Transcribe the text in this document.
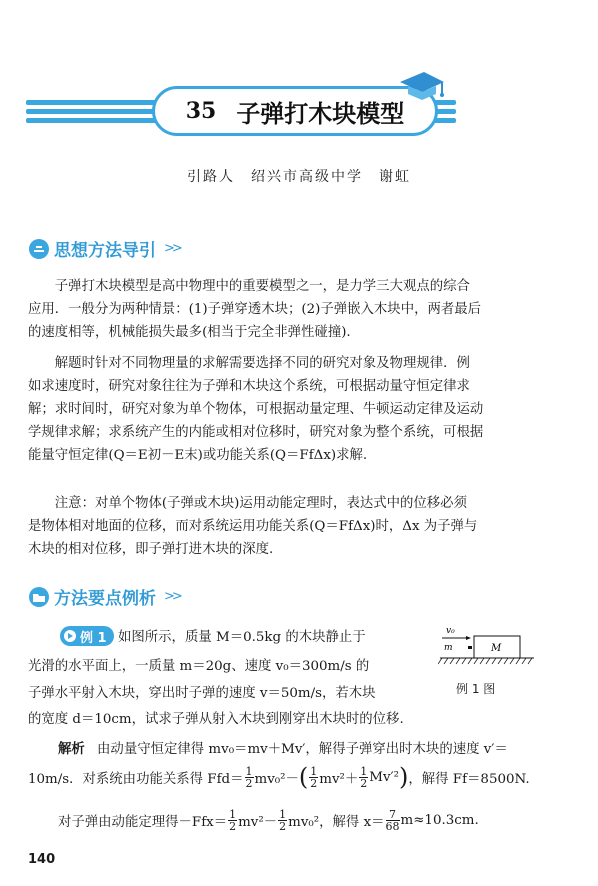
35 子弹打木块模型
引路人　绍兴市高级中学　谢虹
思想方法导引 >>
子弹打木块模型是高中物理中的重要模型之一，是力学三大观点的综合
应用．一般分为两种情景：(1)子弹穿透木块；(2)子弹嵌入木块中，两者最后
的速度相等，机械能损失最多(相当于完全非弹性碰撞).
解题时针对不同物理量的求解需要选择不同的研究对象及物理规律．例
如求速度时，研究对象往往为子弹和木块这个系统，可根据动量守恒定律求
解；求时间时，研究对象为单个物体，可根据动量定理、牛顿运动定律及运动
学规律求解；求系统产生的内能或相对位移时，研究对象为整个系统，可根据
能量守恒定律(Q＝E初－E末)或功能关系(Q＝FfΔx)求解.
注意：对单个物体(子弹或木块)运用动能定理时，表达式中的位移必须
是物体相对地面的位移，而对系统运用功能关系(Q＝FfΔx)时，Δx 为子弹与
木块的相对位移，即子弹打进木块的深度.
方法要点例析 >>
例 1 如图所示，质量 M＝0.5kg 的木块静止于
光滑的水平面上，一质量 m＝20g、速度 v₀＝300m/s 的
子弹水平射入木块，穿出时子弹的速度 v＝50m/s，若木块
的宽度 d＝10cm，试求子弹从射入木块到刚穿出木块时的位移.
v₀
m	M
例 1 图
解析 由动量守恒定律得 mv₀＝mv＋Mv′，解得子弹穿出时木块的速度 v′＝
10m/s．对系统由功能关系得 $Ffd= \frac{1}{2} mv_0^2-$ ( $\frac{1}{2} mv^2+ \frac{1}{2} Mv'^2$ ) ，解得 Ff＝8500N.
对子弹由动能定理得$-Ffx= \frac{1}{2} mv^2- \frac{1}{2} mv_0^2$，解得 $x= \frac{7}{68} m\approx 10.3cm$.
140
